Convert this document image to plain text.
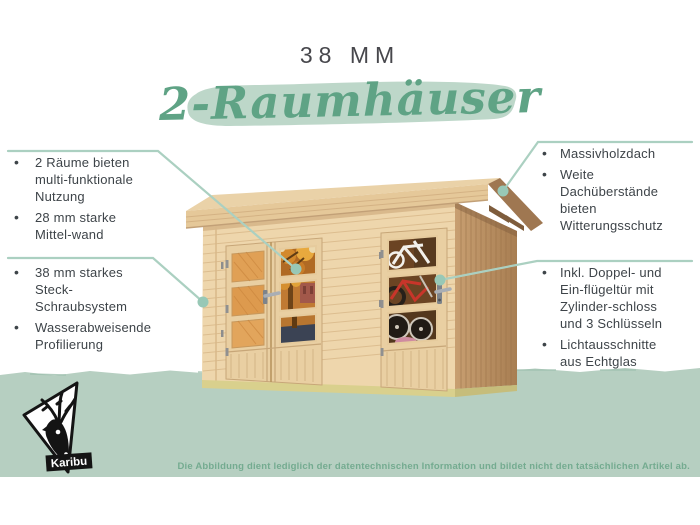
38 MM
2-Raumhäuser
• 2 Räume bieten multi-funktionale Nutzung
• 28 mm starke Mittel-wand
• 38 mm starkes Steck-Schraubsystem
• Wasserabweisende Profilierung
• Massivholzdach
• Weite Dachüberstände bieten Witterungsschutz
• Inkl. Doppel- und Ein-flügeltür mit Zylinder-schloss und 3 Schlüsseln
• Lichtausschnitte aus Echtglas
Karibu	Die Abbildung dient lediglich der datentechnischen Information und bildet nicht den tatsächlichen Artikel ab.
